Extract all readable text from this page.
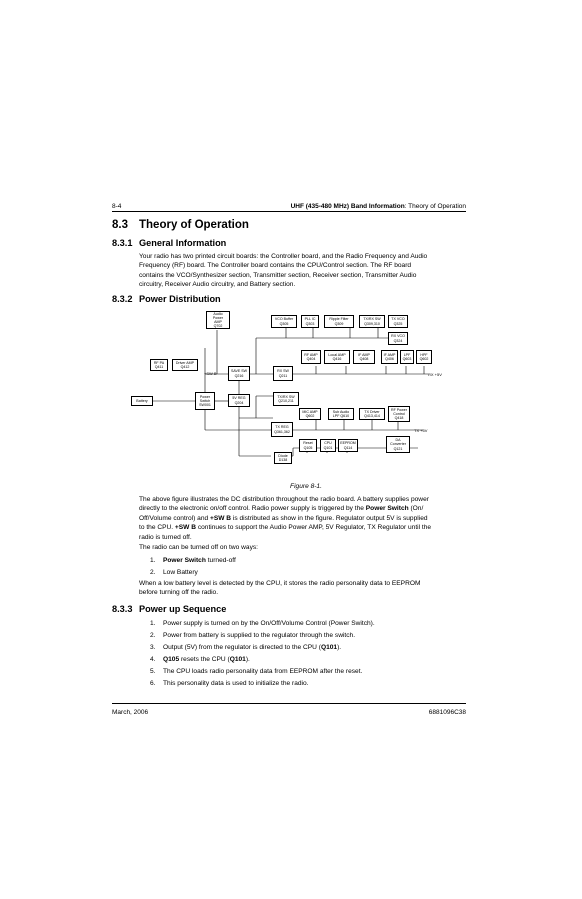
8-4	UHF (435-480 MHz) Band Information: Theory of Operation
8.3 Theory of Operation
8.3.1 General Information
Your radio has two printed circuit boards: the Controller board, and the Radio Frequency and Audio
Frequency (RF) board. The Controller board contains the CPU/Control section. The RF board
contains the VCO/Synthesizer section, Transmitter section, Receiver section, Transmitter Audio
circuitry, Receiver Audio circuitry, and Battery section.
8.3.2 Power Distribution
Audio Power
AMP
Q702
VCO Buffer
Q305
PLL IC
Q303
Ripple Filter
Q309
TX/RX SW
Q309,310
TX VCO
Q325
RX VCO
Q324
RF PA
Q411
Driver AMP
Q412
RF AMP
Q404
Local AMP
Q416
IF AMP
Q408
IF AMP
Q406
LPF
Q603
HPF
Q602
SAVE SW
Q216
RX SW
Q211
+SW B	RX +5V
Battery
Power
Switch
SW001
5V REG
Q204
TX/RX SW
Q210,211
MIC AMP
Q602
Sub Audio
LPF Q610
TX Driver
Q413,414
RF Power
Control
Q418
TX +5V
TX REG
Q361,362
Reset
Q105
CPU
Q101
EEPROM
Q114
DA
Converter
Q121
Diode
D138
Figure 8-1.
The above figure illustrates the DC distribution throughout the radio board. A battery supplies power
directly to the electronic on/off control. Radio power supply is triggered by the Power Switch (On/
Off/Volume control) and +SW B is distributed as show in the figure. Regulator output 5V is supplied
to the CPU. +SW B continues to support the Audio Power AMP, 5V Regulator, TX Regulator until the
radio is turned off.
The radio can be turned off on two ways:
1. Power Switch turned-off
2. Low Battery
When a low battery level is detected by the CPU, it stores the radio personality data to EEPROM
before turning off the radio.
8.3.3 Power up Sequence
1. Power supply is turned on by the On/Off/Volume Control (Power Switch).
2. Power from battery is supplied to the regulator through the switch.
3. Output (5V) from the regulator is directed to the CPU (Q101).
4. Q105 resets the CPU (Q101).
5. The CPU loads radio personality data from EEPROM after the reset.
6. This personality data is used to initialize the radio.
March, 2006	6881096C38
